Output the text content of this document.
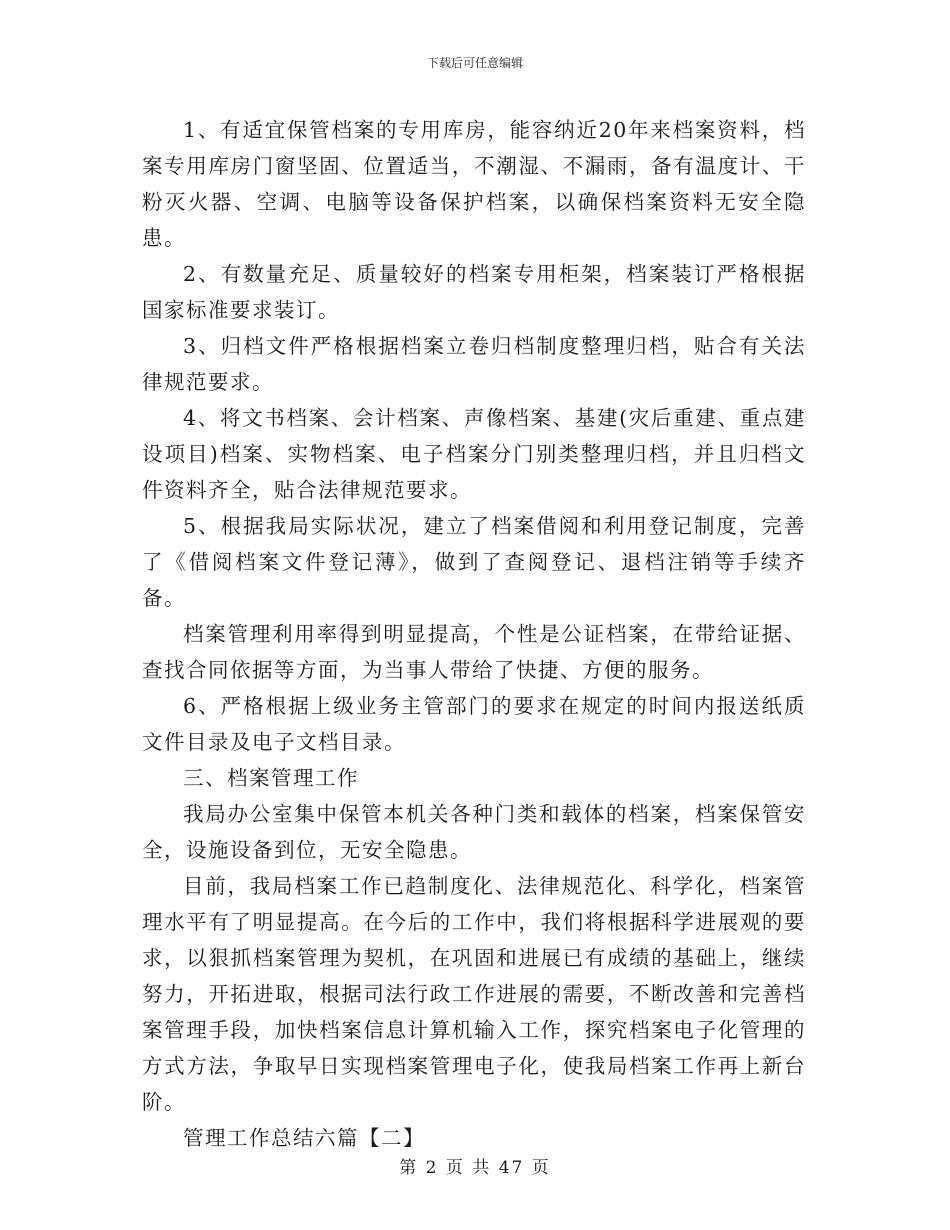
下载后可任意编辑

1、有适宜保管档案的专用库房，能容纳近20年来档案资料，档案专用库房门窗坚固、位置适当，不潮湿、不漏雨，备有温度计、干粉灭火器、空调、电脑等设备保护档案，以确保档案资料无安全隐患。

2、有数量充足、质量较好的档案专用柜架，档案装订严格根据国家标准要求装订。

3、归档文件严格根据档案立卷归档制度整理归档，贴合有关法律规范要求。

4、将文书档案、会计档案、声像档案、基建(灾后重建、重点建设项目)档案、实物档案、电子档案分门别类整理归档，并且归档文件资料齐全，贴合法律规范要求。

5、根据我局实际状况，建立了档案借阅和利用登记制度，完善了《借阅档案文件登记薄》，做到了查阅登记、退档注销等手续齐备。

档案管理利用率得到明显提高，个性是公证档案，在带给证据、查找合同依据等方面，为当事人带给了快捷、方便的服务。

6、严格根据上级业务主管部门的要求在规定的时间内报送纸质文件目录及电子文档目录。

三、档案管理工作

我局办公室集中保管本机关各种门类和载体的档案，档案保管安全，设施设备到位，无安全隐患。

目前，我局档案工作已趋制度化、法律规范化、科学化，档案管理水平有了明显提高。在今后的工作中，我们将根据科学进展观的要求，以狠抓档案管理为契机，在巩固和进展已有成绩的基础上，继续努力，开拓进取，根据司法行政工作进展的需要，不断改善和完善档案管理手段，加快档案信息计算机输入工作，探究档案电子化管理的方式方法，争取早日实现档案管理电子化，使我局档案工作再上新台阶。

管理工作总结六篇【二】

第 2 页 共 47 页
